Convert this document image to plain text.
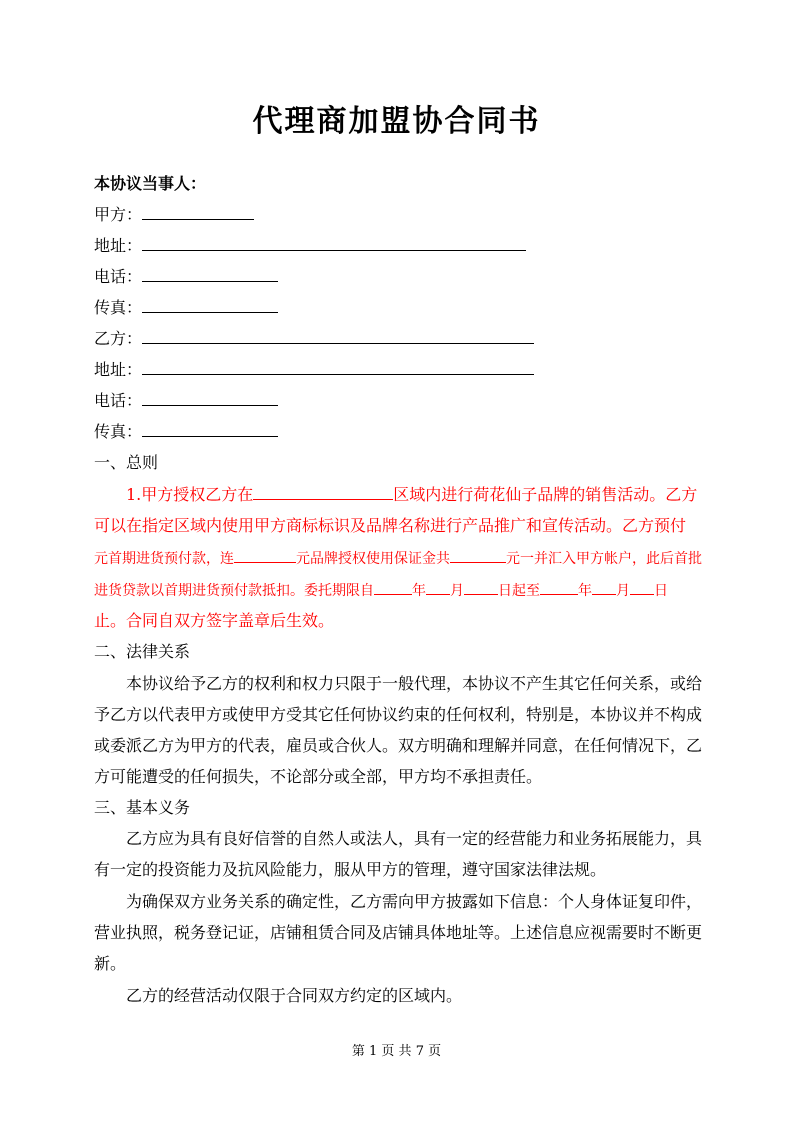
代理商加盟协合同书
本协议当事人：
甲方：
地址：
电话：
传真：
乙方：
地址：
电话：
传真：
一、总则
1.甲方授权乙方在	区域内进行荷花仙子品牌的销售活动。乙方
可以在指定区域内使用甲方商标标识及品牌名称进行产品推广和宣传活动。乙方预付
元首期进货预付款，连	元品牌授权使用保证金共	元一并汇入甲方帐户，此后首批
进货贷款以首期进货预付款抵扣。委托期限自	年 月 日起至	年 月 日
止。合同自双方签字盖章后生效。
二、法律关系
本协议给予乙方的权利和权力只限于一般代理，本协议不产生其它任何关系，或给
予乙方以代表甲方或使甲方受其它任何协议约束的任何权利，特别是，本协议并不构成
或委派乙方为甲方的代表，雇员或合伙人。双方明确和理解并同意，在任何情况下，乙
方可能遭受的任何损失，不论部分或全部，甲方均不承担责任。
三、基本义务
乙方应为具有良好信誉的自然人或法人，具有一定的经营能力和业务拓展能力，具
有一定的投资能力及抗风险能力，服从甲方的管理，遵守国家法律法规。
为确保双方业务关系的确定性，乙方需向甲方披露如下信息：个人身体证复印件，
营业执照，税务登记证，店铺租赁合同及店铺具体地址等。上述信息应视需要时不断更
新。
乙方的经营活动仅限于合同双方约定的区域内。
第 1 页 共 7 页
